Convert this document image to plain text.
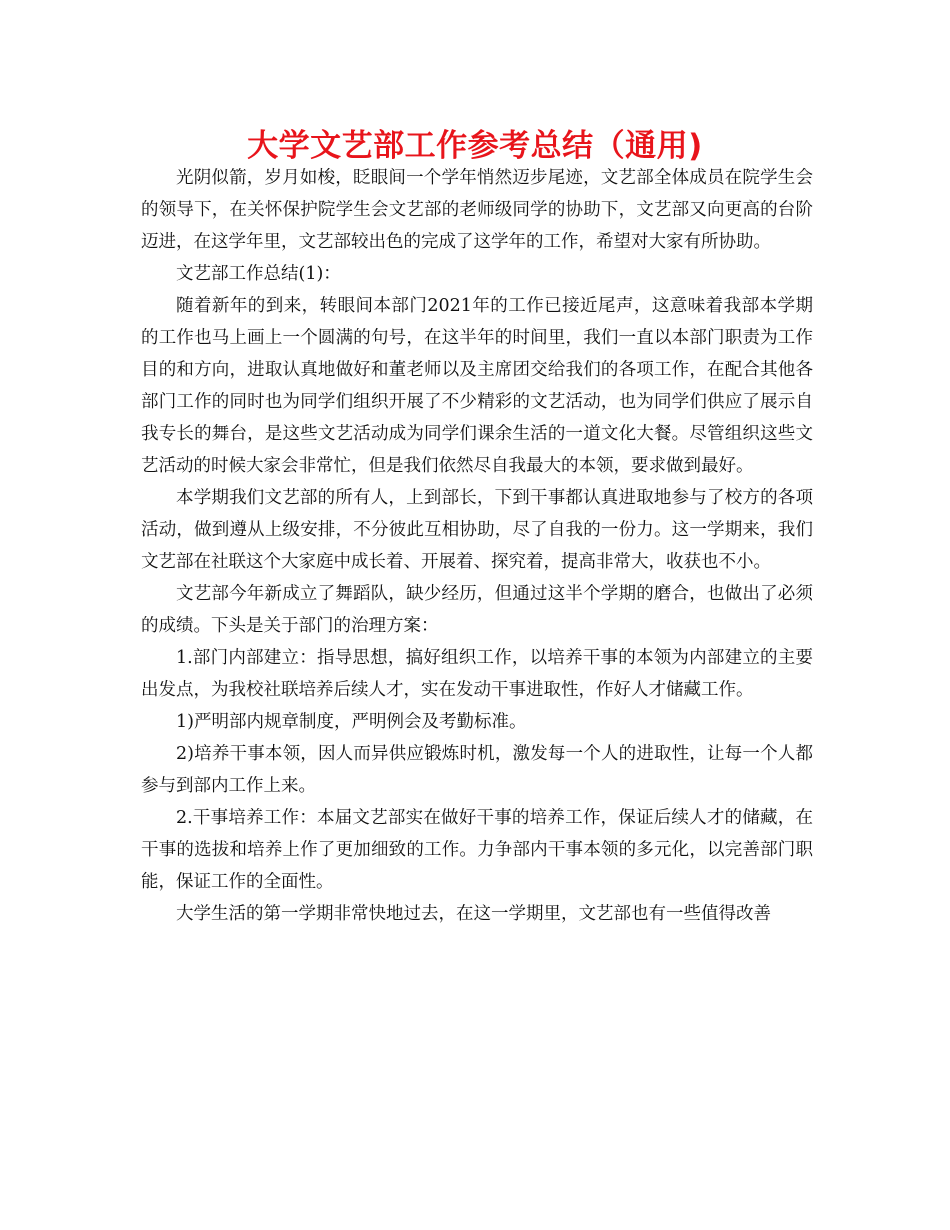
大学文艺部工作参考总结（通用)

光阴似箭，岁月如梭，眨眼间一个学年悄然迈步尾迹，文艺部全体成员在院学生会的领导下，在关怀保护院学生会文艺部的老师级同学的协助下，文艺部又向更高的台阶迈进，在这学年里，文艺部较出色的完成了这学年的工作，希望对大家有所协助。

文艺部工作总结(1)：

随着新年的到来，转眼间本部门2021年的工作已接近尾声，这意味着我部本学期的工作也马上画上一个圆满的句号，在这半年的时间里，我们一直以本部门职责为工作目的和方向，进取认真地做好和董老师以及主席团交给我们的各项工作，在配合其他各部门工作的同时也为同学们组织开展了不少精彩的文艺活动，也为同学们供应了展示自我专长的舞台，是这些文艺活动成为同学们课余生活的一道文化大餐。尽管组织这些文艺活动的时候大家会非常忙，但是我们依然尽自我最大的本领，要求做到最好。

本学期我们文艺部的所有人，上到部长，下到干事都认真进取地参与了校方的各项活动，做到遵从上级安排，不分彼此互相协助，尽了自我的一份力。这一学期来，我们文艺部在社联这个大家庭中成长着、开展着、探究着，提高非常大，收获也不小。

文艺部今年新成立了舞蹈队，缺少经历，但通过这半个学期的磨合，也做出了必须的成绩。下头是关于部门的治理方案：

1.部门内部建立：指导思想，搞好组织工作，以培养干事的本领为内部建立的主要出发点，为我校社联培养后续人才，实在发动干事进取性，作好人才储藏工作。

1)严明部内规章制度，严明例会及考勤标准。

2)培养干事本领，因人而异供应锻炼时机，激发每一个人的进取性，让每一个人都参与到部内工作上来。

2.干事培养工作：本届文艺部实在做好干事的培养工作，保证后续人才的储藏，在干事的选拔和培养上作了更加细致的工作。力争部内干事本领的多元化，以完善部门职能，保证工作的全面性。

大学生活的第一学期非常快地过去，在这一学期里，文艺部也有一些值得改善
